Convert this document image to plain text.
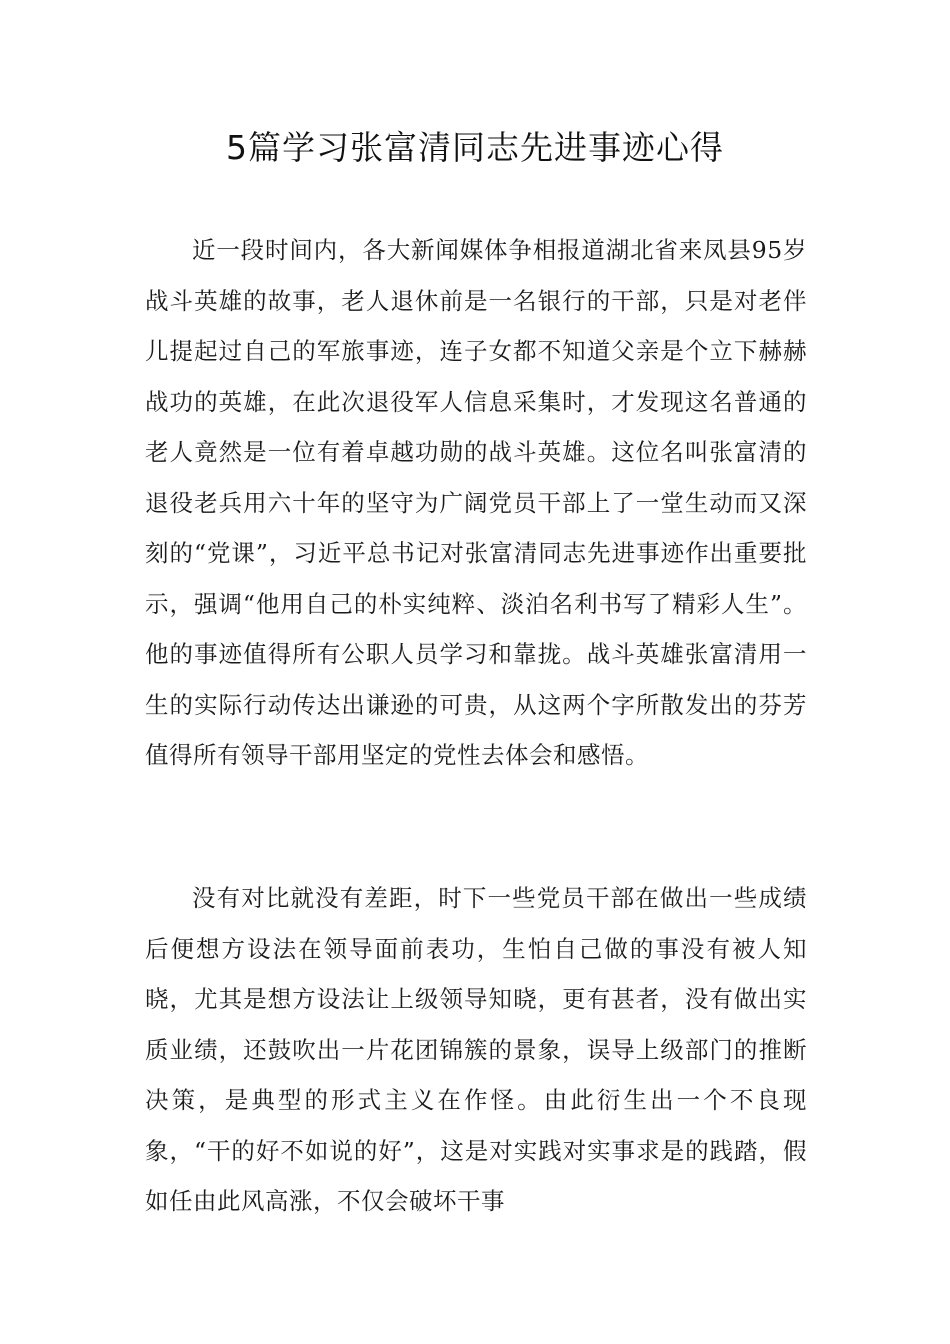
5篇学习张富清同志先进事迹心得

近一段时间内，各大新闻媒体争相报道湖北省来凤县95岁战斗英雄的故事，老人退休前是一名银行的干部，只是对老伴儿提起过自己的军旅事迹，连子女都不知道父亲是个立下赫赫战功的英雄，在此次退役军人信息采集时，才发现这名普通的老人竟然是一位有着卓越功勋的战斗英雄。这位名叫张富清的退役老兵用六十年的坚守为广阔党员干部上了一堂生动而又深刻的“党课”，习近平总书记对张富清同志先进事迹作出重要批示，强调“他用自己的朴实纯粹、淡泊名利书写了精彩人生”。他的事迹值得所有公职人员学习和靠拢。战斗英雄张富清用一生的实际行动传达出谦逊的可贵，从这两个字所散发出的芬芳值得所有领导干部用坚定的党性去体会和感悟。

没有对比就没有差距，时下一些党员干部在做出一些成绩后便想方设法在领导面前表功，生怕自己做的事没有被人知晓，尤其是想方设法让上级领导知晓，更有甚者，没有做出实质业绩，还鼓吹出一片花团锦簇的景象，误导上级部门的推断决策，是典型的形式主义在作怪。由此衍生出一个不良现象，“干的好不如说的好”，这是对实践对实事求是的践踏，假如任由此风高涨，不仅会破坏干事
